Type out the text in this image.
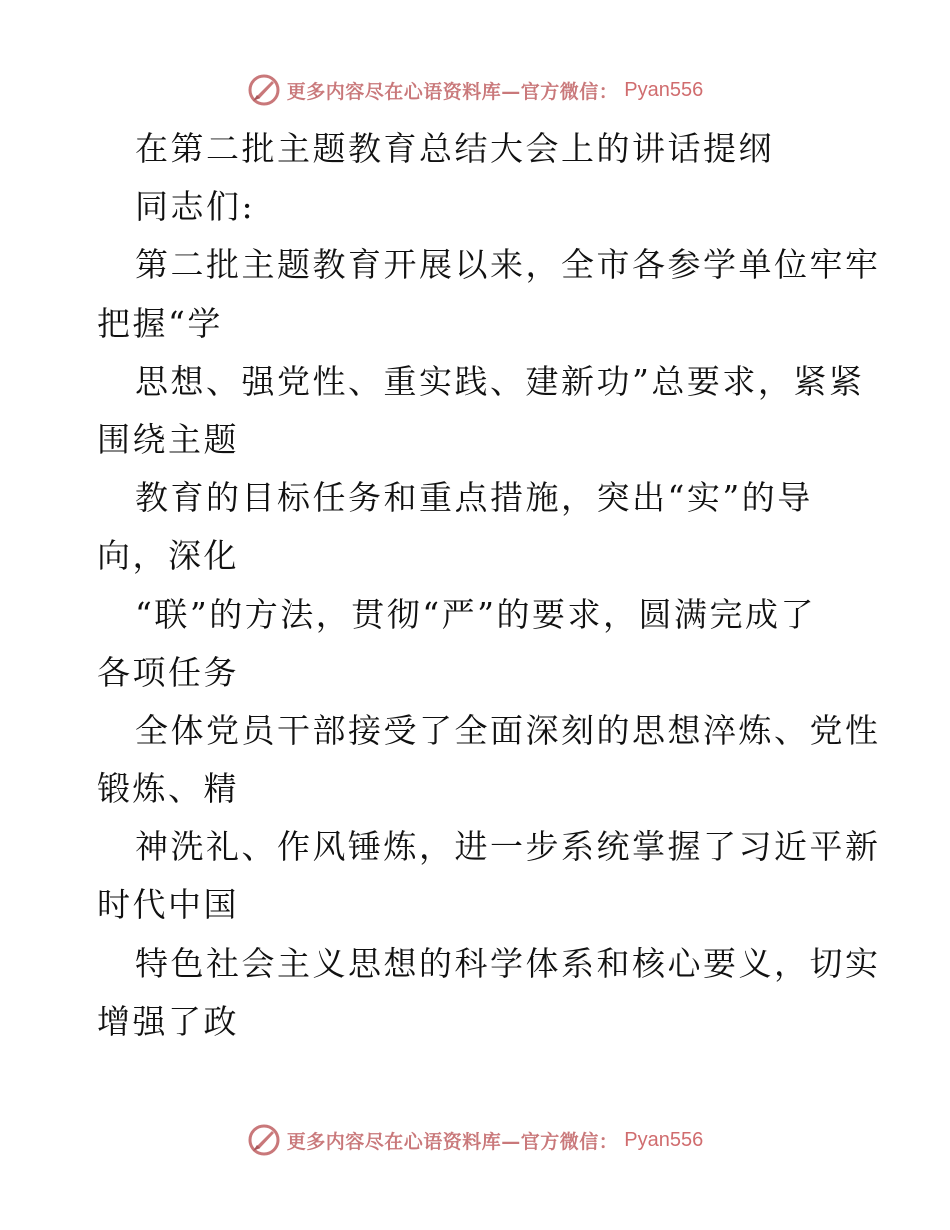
更多内容尽在心语资料库—官方微信： Pyan556
在第二批主题教育总结大会上的讲话提纲
同志们:
第二批主题教育开展以来，全市各参学单位牢牢
把握“学
思想、强党性、重实践、建新功”总要求，紧紧
围绕主题
教育的目标任务和重点措施，突出“实”的导
向，深化
“联”的方法，贯彻“严”的要求，圆满完成了
各项任务
全体党员干部接受了全面深刻的思想淬炼、党性
锻炼、精
神洗礼、作风锤炼，进一步系统掌握了习近平新
时代中国
特色社会主义思想的科学体系和核心要义，切实
增强了政
更多内容尽在心语资料库—官方微信： Pyan556
